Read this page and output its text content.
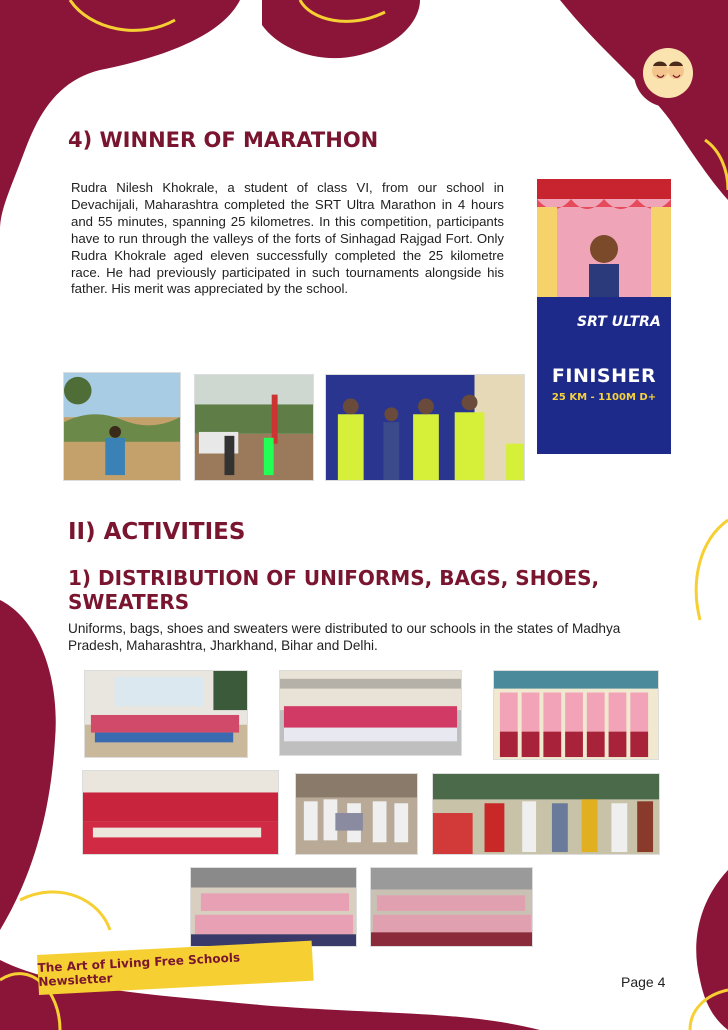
4) WINNER OF MARATHON

Rudra Nilesh Khokrale, a student of class VI, from our school in Devachijali, Maharashtra completed the SRT Ultra Marathon in 4 hours and 55 minutes, spanning 25 kilometres. In this competition, participants have to run through the valleys of the forts of Sinhagad Rajgad Fort. Only Rudra Khokrale aged eleven successfully completed the 25 kilometre race. He had previously participated in such tournaments alongside his father. His merit was appreciated by the school.

SRT ULTRA
FINISHER
25 KM - 1100M D+
II) ACTIVITIES
1) DISTRIBUTION OF UNIFORMS, BAGS, SHOES, SWEATERS

Uniforms, bags, shoes and sweaters were distributed to our schools in the states of Madhya Pradesh, Maharashtra, Jharkhand, Bihar and Delhi.

The Art of Living Free Schools Newsletter	Page 4
